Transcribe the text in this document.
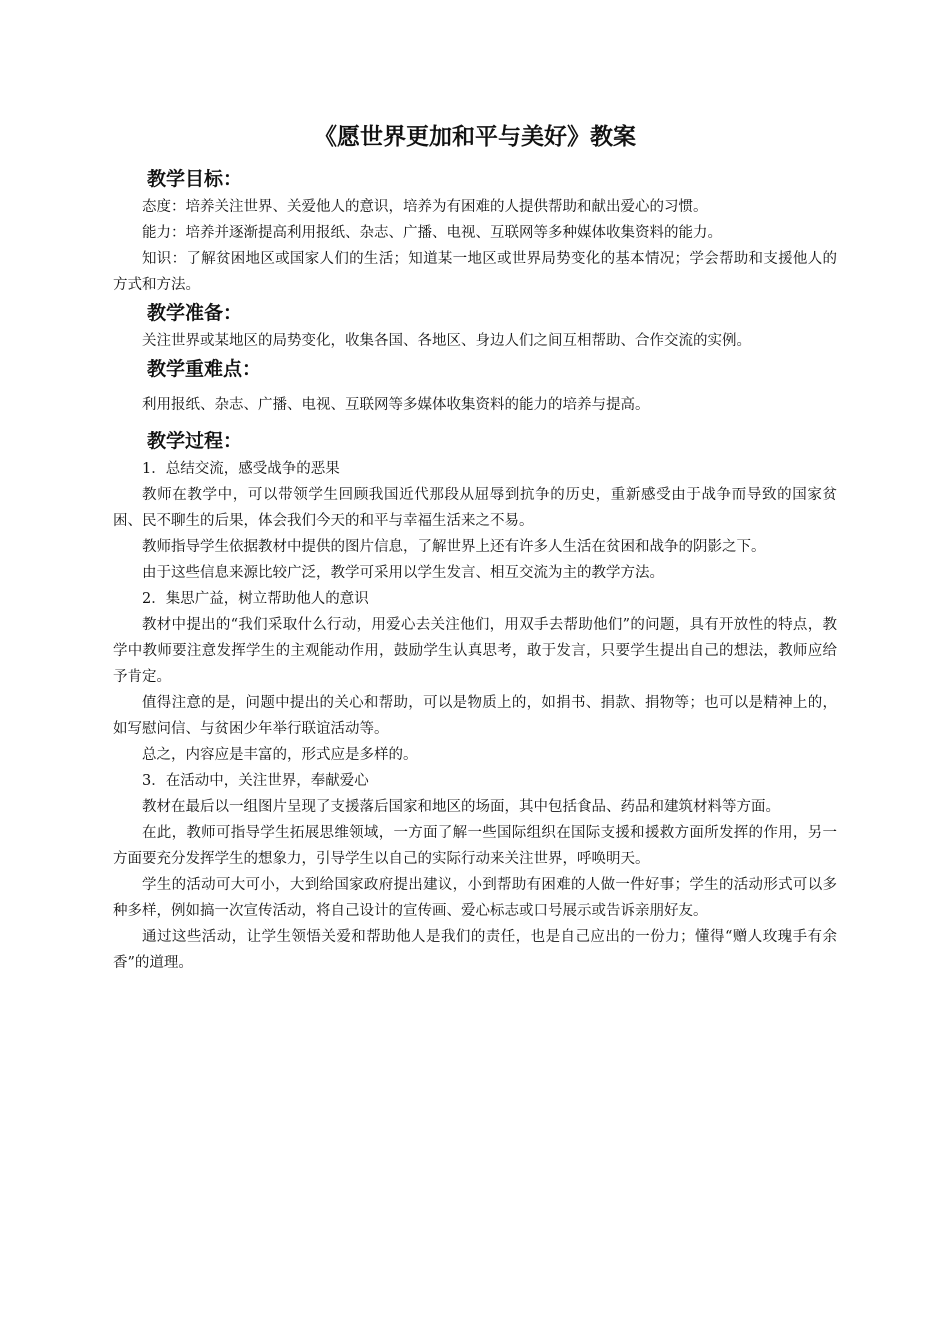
《愿世界更加和平与美好》教案
教学目标：

态度：培养关注世界、关爱他人的意识，培养为有困难的人提供帮助和献出爱心的习惯。

能力：培养并逐渐提高利用报纸、杂志、广播、电视、互联网等多种媒体收集资料的能力。

知识：了解贫困地区或国家人们的生活；知道某一地区或世界局势变化的基本情况；学会帮助和支援他人的方式和方法。

教学准备：

关注世界或某地区的局势变化，收集各国、各地区、身边人们之间互相帮助、合作交流的实例。

教学重难点：

利用报纸、杂志、广播、电视、互联网等多媒体收集资料的能力的培养与提高。

教学过程：

1．总结交流，感受战争的恶果

教师在教学中，可以带领学生回顾我国近代那段从屈辱到抗争的历史，重新感受由于战争而导致的国家贫困、民不聊生的后果，体会我们今天的和平与幸福生活来之不易。

教师指导学生依据教材中提供的图片信息，了解世界上还有许多人生活在贫困和战争的阴影之下。

由于这些信息来源比较广泛，教学可采用以学生发言、相互交流为主的教学方法。

2．集思广益，树立帮助他人的意识

教材中提出的“我们采取什么行动，用爱心去关注他们，用双手去帮助他们”的问题，具有开放性的特点，教学中教师要注意发挥学生的主观能动作用，鼓励学生认真思考，敢于发言，只要学生提出自己的想法，教师应给予肯定。

值得注意的是，问题中提出的关心和帮助，可以是物质上的，如捐书、捐款、捐物等；也可以是精神上的，如写慰问信、与贫困少年举行联谊活动等。

总之，内容应是丰富的，形式应是多样的。

3．在活动中，关注世界，奉献爱心

教材在最后以一组图片呈现了支援落后国家和地区的场面，其中包括食品、药品和建筑材料等方面。

在此，教师可指导学生拓展思维领域，一方面了解一些国际组织在国际支援和援救方面所发挥的作用，另一方面要充分发挥学生的想象力，引导学生以自己的实际行动来关注世界，呼唤明天。

学生的活动可大可小，大到给国家政府提出建议，小到帮助有困难的人做一件好事；学生的活动形式可以多种多样，例如搞一次宣传活动，将自己设计的宣传画、爱心标志或口号展示或告诉亲朋好友。

通过这些活动，让学生领悟关爱和帮助他人是我们的责任，也是自己应出的一份力；懂得“赠人玫瑰手有余香”的道理。
